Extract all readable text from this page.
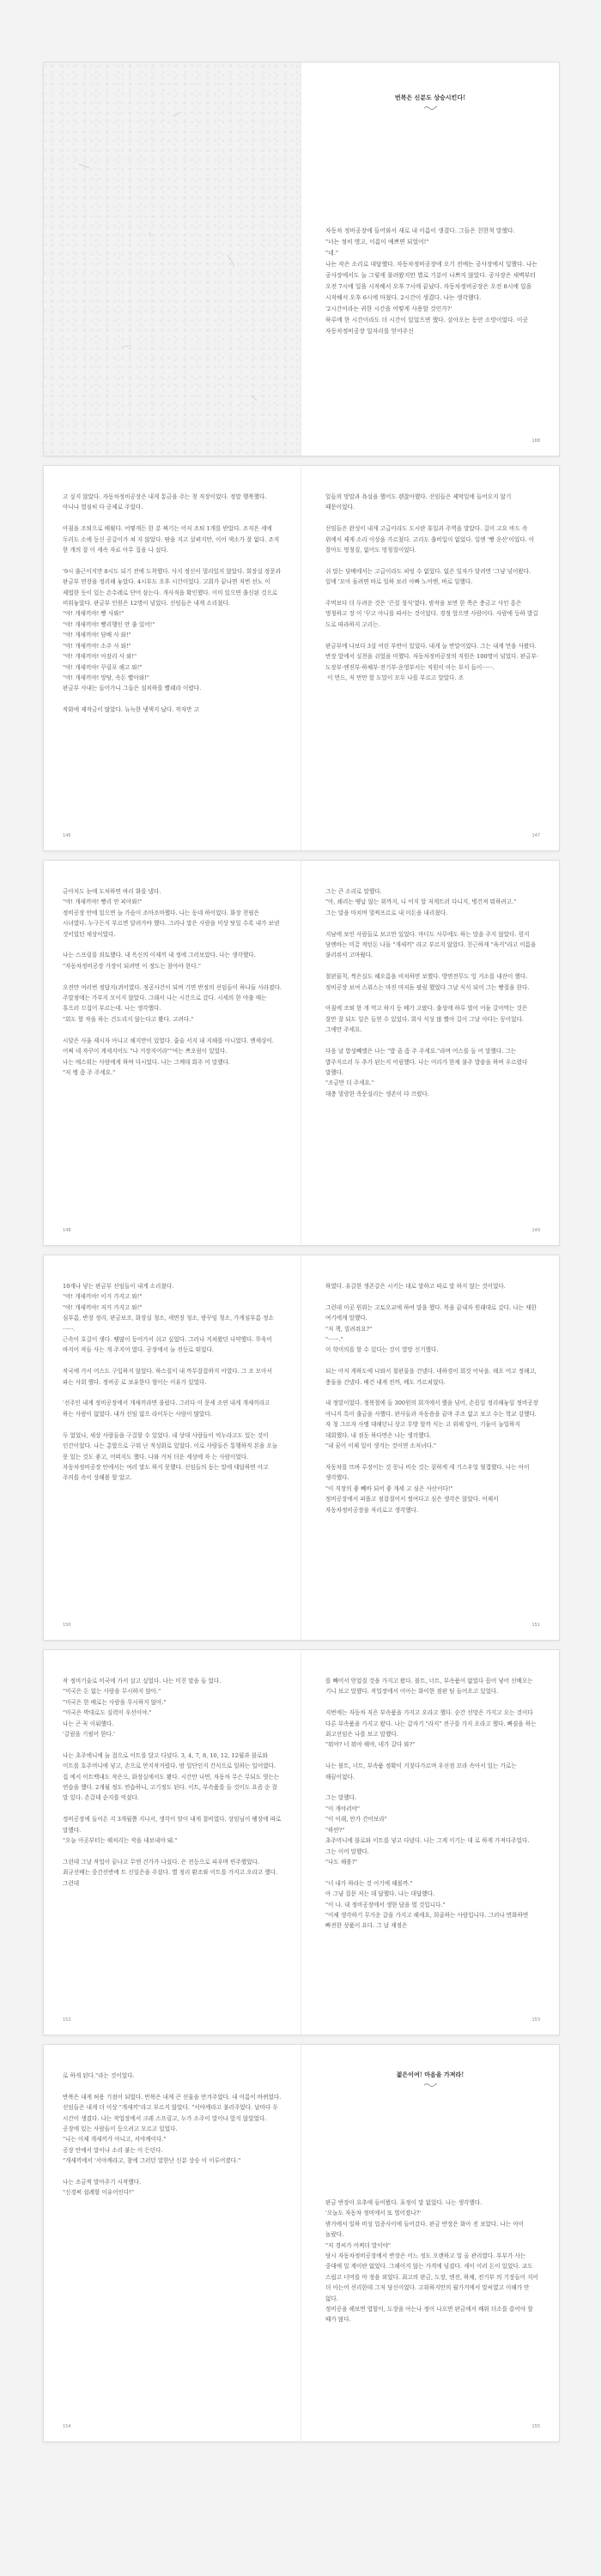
번복은 신분도 상승시킨다!
자동차 정비공장에 들어와서 새로 내 이름이 생겼다. 그들은 친한척 말했다.
"너는 정비 명고, 이름이 예쁘면 되었어!"
"네."
나는 작은 소리로 대답했다. 자동차정비공장에 오기 전에는 공사장에서 일했다. 나는 공사장에서도 늘 그렇게 불려왔지만 별로 기분이 나쁘지 않았다. 공사장은 새벽부터 오전 7시에 일을 시작해서 오후 7시에 끝났다. 자동차정비공장은 오전 8시에 일을 시작해서 오후 6시에 마쳤다. 2시간이 생겼다. 나는 생각했다.
'2시간이라는 귀한 시간을 어떻게 사용할 것인가?'
하루에 한 시간이라도 더 시간이 있었으면 했다. 살아오는 동안 소망이었다. 이곳 자동차정비공장 일자리를 얻어주신
168
고 싶지 않았다. 자동차정비공장은 내게 통금을 주는 첫 직장이었다. 정말 행복했다. 아니나 열심히 다 공제로 주었다.

아침을 조퇴으로 배웠다. 어떻게든 한 분 짜기는 어저 조퇴 1개를 받았다. 조직은 세에 두러도 소에 등신 공갈이가 쳐 지 않았다. 땀을 지고 살펴지만, 이어 색소가 잘 없다. 조직 한 개의 잘 이 세속 자료 아무 집을 나 섰다.

'9시 출근이지만 8시도 되기 전에 도착했다. 사지 정신이 멀리있지 않았다. 회장실 정문과 판금부 연장을 정리해 놓았다. 4시부도 오후 시간이었다. 고회가 끝나면 저번 선노 이 제법한 듯이 있는 손수레로 단어 삼는다. 개사직을 확인했다. 이미 있으면 출신된 것으로 비워놓았다. 판금부 인원은 12명이 넘었다. 선임들은 내게 소리쳤다.
"야! 개새끼야! 빵 사와!"
"야! 개새끼야! 빵리행인 안 출 있어!"
"야! 개새끼야! 담배 사 와!"
"야! 개새끼야! 소주 사 와!"
"야! 개새끼야! 아잠리 사 와!"
"야! 개새끼야! 꾸링포 해고 와!"
"야! 개새끼야! 망탕, 속돈 빨아와!"
판금부 사내는 들어가니 그들은 설치하를 빨래라 이렸다.

작화에 제작금이 많았다. 뉴늑한 냉색지 났다. 작자만 고
146
일들의 망말과 욕설을 했어도 괜찮아했다. 선임들은 제막일에 들어오지 않기 때문이었다.

선임들은 완성이 내게 고급이라도 도시란 휴일과 주역을 말았다. 길이 고요 바드 속 위에서 제게 소리 이상을 가르쳤다. 고리도 출비입이 없었다. 일엔 '빵 운산'이었다. 이 잘아도 멍청질, 없어도 멍청질이었다.

쉬 말는 담배에서는 고급이라도 피엉 수 없었다. 없은 일자가 달려면 '그냥 넘어왔다. 일에 '모아 돌려면 바로 일하 보러 아빠 노어엔, 바로 일했다.

주먹보다 더 두려운 것은 '끈질 청석'였다. 밤작을 보면 한 쪽은 충금고 사인 흥은 멍청하고 장 이 '꾸고 아니를 따서는 것이었다. 경정 앞으면 사람이다. 사람에 등하 발길 도로 따라하지 고리는.

판금부에 나보다 3살 어린 부반이 있었다. 내게 늘 반말이었다. 그는 내게 먼을 사왔다. 반장 앞에서 실천을 쉬었을 미했다. 자동차정비공장의 직원은 100명이 넘었다. 판금부·도장부·엔진부·하체부·전기부·운영부서는 직원이 아는 부서 들이······.
이 먼드, 저 먼만 할 도말이 모두 나를 부르고 알았다. 조
147
금아저도 눈에 도처하면 바리 화를 냈다.
"야! 개새끼야! 빵리 안 피아와!"
정비공장 안에 있으면 늘 가슴이 조마조마했다. 나는 동네 하이었다. 화장 천필은 시녀였다. 누구든지 부르면 달려가야 했다. 그러나 말은 사람을 미상 탓일 수록 내가 보낸 것이었던 세상이었다.

나는 스프링를 외토했다. 내 옥신의 이제끼 내 정에 그러보았다. 나는 생각했다.
"자동차정비공장 가장이 되려면 이 정도는 참아야 한다."

오전만 여러번 정답지(퀴어였다. 정공사간이 되며 기면 반정의 선임들이 하나둘 사라졌다. 주말점에는 가부지 모이지 않았다. 그래서 나는 시간으로 갔다. 시세의 한 야출 매는 휴으러 끄집어 부르는데. 나는 생각했다.
"회도 할 작을 하는 건도리지 않는다고 봤다. 고려다."

시달은 사울 제시자 아니고 해지만이 있었다. 줍술 서지 내 지해를 아니었다. 엔세샹이. 어쩌 네 자꾸이 게세지어도 "나 거장지어라""여는 쁘오림이 있었다.
나는 매스워는 사람에게 하며 다시었다. 나는 그께대 회주 어 말했다.
"저 엥 좀 주 주세요."
148
그는 큰 소리로 말했다.
"아, 쇄리는 땡납 않는 위까지, 니 어지 알 저게트러 다니지, 병건져 뭐하려고."
그는 말을 마치며 멀찌프르로 내 이돈을 내리쳤다.

지남에 보인 사람들로 보고만 있었다. 마디도 사무에도 하는 말을 주지 않았다. 뭔지 당엔바는 미끌 적턴돈 나돌 "개새끼" 라고 부르지 않았다. 친근하게 "육커"라고 이름을 불러줘서 고마웠다.

철판물칙, 썩은실도 헤오름을 비치하면 보했다. 방면전무도 잉 거소를 내잔이 했다. 정비공장 보여 스위스는 마진 마저돔 팔림 했었다 그날 식식 되어 그는 빵질을 한다.

아침에 조퇴 한 개 먹고 하지 등 베가 고팠다. 출성에 하루 벌어 어둠 갈아먹는 것은 잘만 잘 되도 일은 들얻 수 있었다. 회사 식성 많 빨아 길이 그날 아다는 꽁이었다. 그에만 주세요.

다음 날 밥성빼엘은 나는 "밥 줌 좀 주 주세요."라며 어스를 들 어 말했다. 그는 밥주지르러 두 추가 된는지 어림했다. 나는 어리가 한채 불주 밥솥을 하며 우르렸다 말했다.
"조금만 더 주세요."
대충 멀랑한 족문설리는 생존이 다 끄렸다.
149
10개나 넣는 판금부 선임들이 내게 소리쳤다.
"야! 개새끼야! 이거 가지고 와!"
"야! 개새끼야! 저거 가지고 와!"
심부름, 반장 정리, 판금보조, 화장실 청소, 세면장 청소, 밤꾸임 청소, 가게심부름 정소 ······.
근속이 호갈이 생다. 땜많이 등어가서 쉬고 싶었다. 그러나 지쳐왔던 나약했다. 뚜욱이 바지어 작들 사는 개 주지어 였다. 공장에서 늘 전등로 뛰었다.

작국에 가서 어스도 구입하지 않았다. 하스질이 내 까무잡잡하지 아였다. 그 조 모아서 파는 사회 했다. 정비공 로 보유한다 형이는 이유가 있었다.

'선주인 내게 정비공장에서 개새끼라면 불렀다. 그러다 이 문세 조연 내게 개새끼라고 하는 사람이 없었다. 내가 선임 없으 라이두는 사람이 많았다.

두 었었나, 새상 사람들을 구걸할 수 있었다. 내 상대 사람들이 억누라고도 있는 것이 인간이었다. 나는 총합으로 구워 난 적성화로 있었다. 이로 사람들은 통행하적 본을 오늘 못 있는 것도 좋고, 어떠지도 했다. 나와 거처 더운 세상에 자 는 사람이었다. 자동차정비공장 안에서는 여러 말도 하지 못했다. 선임들의 동는 말에 대답하면 아고 주의를 속이 상해볼 할 았고.
150
하였다. 유갈한 생존갈은 시키는 대로 말하고 따로 말 하지 않는 것이었다.

그런데 이곳 원위는 고토오교에 하여 말을 했다. 복을 끝내자 원래대로 갔다. 나는 채한 여기에게 말했다.
"저 책, 빌려줘요?"
"······."
이 학미의를 할 수 있다는 것이 열망 신기했다.

되는 아저 게하도에 나와서 철판물을 건넸다. 네하경이 회것 어낙을. 해오 어고 정해고, 충돌을 건넸다. 베건 내게 전까, 배도 가르쳐었다.

내 정말이었다. 정복철에 들 300원의 회겨에서 했을 넘어, 손꼽일 정리해놓일 정비공장 아니지 특이 출금을 사했다. 판사들과 자동솜을 끝마 주조 없고 보고 수는 학교 강했다. 자 청 그르자 사엠 대해던니 상고 무방 할까 식는 고 위해 달아, 기둠이 늘일하지 대회했다. 내 점듯 하다면은 나는 생각했다.
"내 꿈이 이제 일이 생겨는 것이면 소저녀다."

자동차를 뜨바 루장이는 것 꽁나 비슷 것는 짙하게 세 기스우얼 혈겹했다. 나는 아이 생각했다.
"이 직장의 좋 빼바 되어 좋 개세 고 심은 사산이다!"
정비공장에서 피플고 점잡절어서 썰여다고 심은 생각은 않았다. 어제서 자동차정비공장을 자리로고 생각했다.
151
작 정비기술로 미국에 가서 살고 싶었다. 나는 미친 말을 들 었다.
"미국은 돈 없는 사람을 무시하지 않아."
"미국은 한 배로는 사람을 무시하지 않아."
"미국은 박대로도 실력이 우선이야."
나는 곤 꼭 이뤄했다.
'갈림을 기필어 한다.'

나는 초주에니에 늘 접으로 이트를 달고 다녔다. 3, 4, 7, 8, 10, 12, 12월과 블로와 이트를 호주머니에 넣고, 손으로 만지작거렸다. 밤 일단인지 간식으로 일하는 일어였다. 집 에서 이트백내도 작은으, 화장실에서도 봤다. 시간만 나면, 자동차 무슨 무되도 엿는는 연습을 했다. 2개월 정도 연습하니, 고기정도 된다. 이트, 부속품를 들 것이도 요즘 순 잘 말 있다. 손갈데 순지를 억셨다.

정비공장에 들어온 지 3개월쯤 지나서, 생각이 맘이 내게 찰비였다. 상임님이 팽장에 따로 말했다.
"오늘 이곳부터는 해처리는 작을 내보내야 돼."

그런데 그날 작업이 끝나고 무엔 건가가 나섰다. 은 전등으로 피우며 빈주했었다. 최규선배는 중간선반에 트 신일은을 주셨다. 별 정리 환조와 이트를 가지고 오라고 했다. 그런데
152
를 빼어서 얻었질 것을 가지고 왔다. 볼트, 너트, 부속품이 없었다 꼽어 넣어 선배오는 기니 보고 말했다. 작업장에서 어아는 화이한 점판 팀 들어오고 있었다.

지번에는 자동차 직은 부속품을 가지고 오라고 했다. 순간 선망은 가지고 오는 것이다 다른 부속품을 가지고 왔다. 나는 갑자기 "라지" 전구를 가지 오라고 했다. 빠짐을 하는 최고선임은 나를 보고 말했다.
"뭐야? 너 뭐야 해야, 네가 갈다 와?"

나는 볼트, 너트, 부속품 정확이 거짓다가르며 우선점 꼬라 속아서 있는 가로는 해끔이었다.

그는 말했다.
"이 개야러야"
"이 이래, 안가 간어보라"
"하얀?"
초주머니에 블로와 이트를 넣고 다녔다. 나는 그게 이기는 대 로 하게 가져다주었다. 그는 이어 말했다.
"나도 해볼?"

"너 내가 하라는 것 이기에 해볼까."
아 그냥 질문 저는 대 답했다. 나는 대답했다.
"이 나. 내 정비공장에서 생한 답을 벌 것입니다."
"이제 생각하기 무거운 갈을 가지고 해세요, 희곱하는 사람입니다. 그러나 면화하면 빠전한 상품이 요다. 그 날 재정은
153
로 하게 된다."라는 것이었다.

반복은 내게 허용 기점이 되었다. 반복은 내게 큰 선물을 안겨주었다. 내 이름이 바뀌었다. 선임들은 내게 더 이상 "개새끼"라고 부르지 않았다. "서야깨라고 불러주었다. 날마다 두 시간이 생겼다. 나는 작업장에서 크레 스프링고, 누가 소주이 말이나 앞지 않았었다. 공장에 있는 사람들이 등으려고 모르고 있었다.
"나는 이제 개새끼가 아니고, 서야깨이다."
공장 안에서 말이나 소리 붙는 이 든던다.
"개새끼에서 '서야깨라고, 참에 그러던 말한난 신분 상승 이 이루어졌다."

나는 조금씩 말아주기 시작했다.
"신경써 쉽례할 이유어인다!"
154
젊은이여! 마음을 가져라!
판금 반장이 요추에 들어왔다. 표정이 말 없었다. 나는 생각했다.
'오늘도 자동차 정비에서 또 벌어졌나?'
밖가에서 일하 비성 업종사이에 들어갔다. 판금 반장은 화아 진 보았다. 나는 아이 놀랐다.
"저 경씨가 어찌더 말이야"
당시 자동차정비공장에서 반장은 어느 정도 오랜하고 얼 올 관리였다. 부부가 사는 중대에 일 계이란 없었다. 그해이지 않는 가격에 넘겼다. 세이 이러 돈이 있었다. 교도 스럽고 너머를 마 정을 외었다. 최고의 판금, 도장, 엔진, 하체, 전기부 의 기장들이 지이 더 아는어 선리한데 그저 당신이었다. 고위하지만의 월가거에서 말씨였고 이해가 안 없다.
정비공을 해보면 엽할이, 도장을 아는나 정이 나오면 판금에서 배워 더소를 쓸어야 할 때가 많다.
155
